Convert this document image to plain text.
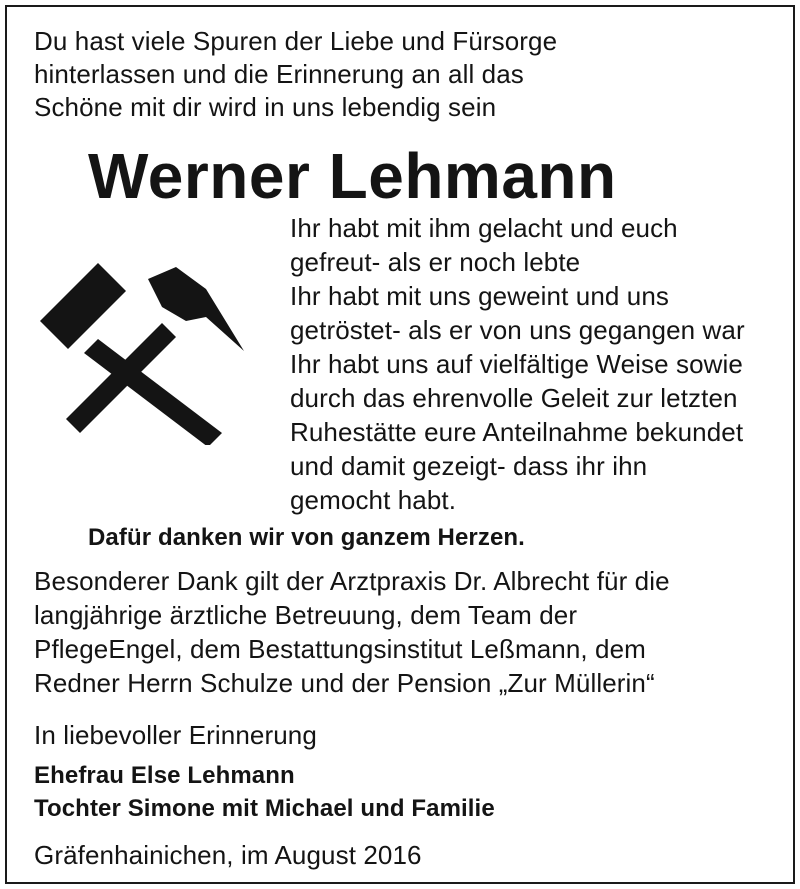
Du hast viele Spuren der Liebe und Fürsorge
hinterlassen und die Erinnerung an all das
Schöne mit dir wird in uns lebendig sein
Werner Lehmann
Ihr habt mit ihm gelacht und euch
gefreut- als er noch lebte
Ihr habt mit uns geweint und uns
getröstet- als er von uns gegangen war
Ihr habt uns auf vielfältige Weise sowie
durch das ehrenvolle Geleit zur letzten
Ruhestätte eure Anteilnahme bekundet
und damit gezeigt- dass ihr ihn
gemocht habt.
Dafür danken wir von ganzem Herzen.
Besonderer Dank gilt der Arztpraxis Dr. Albrecht für die
langjährige ärztliche Betreuung, dem Team der
PflegeEngel, dem Bestattungsinstitut Leßmann, dem
Redner Herrn Schulze und der Pension „Zur Müllerin“
In liebevoller Erinnerung
Ehefrau Else Lehmann
Tochter Simone mit Michael und Familie
Gräfenhainichen, im August 2016
